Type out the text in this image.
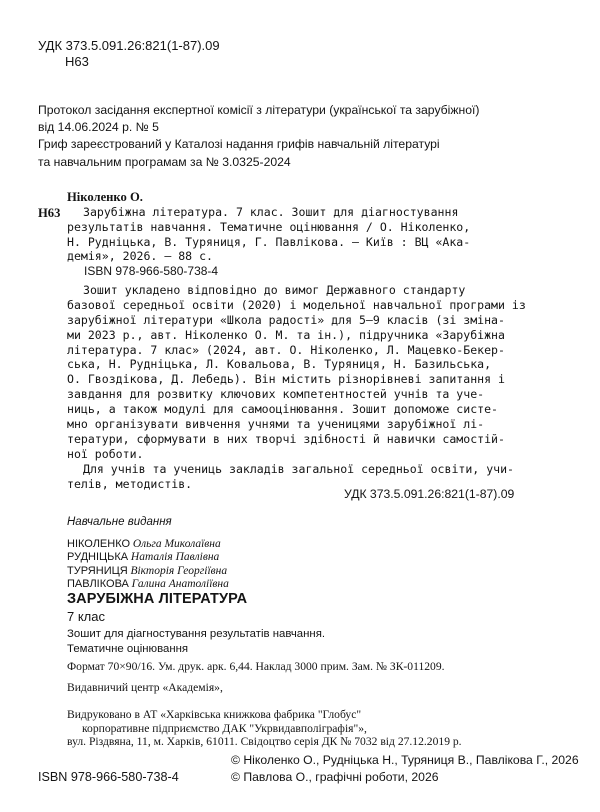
УДК 373.5.091.26:821(1-87).09
Н63
Протокол засідання експертної комісії з літератури (української та зарубіжної)
від 14.06.2024 р. № 5
Гриф зареєстрований у Каталозі надання грифів навчальній літературі
та навчальним програмам за № 3.0325-2024
Ніколенко О.
Н63 Зарубіжна література. 7 клас. Зошит для діагностування
результатів навчання. Тематичне оцінювання / О. Ніколенко,
Н. Рудніцька, В. Туряниця, Г. Павлікова. — Київ : ВЦ «Ака-
демія», 2026. — 88 с.
ISBN 978-966-580-738-4
Зошит укладено відповідно до вимог Державного стандарту
базової середньої освіти (2020) і модельної навчальної програми із
зарубіжної літератури «Школа радості» для 5—9 класів (зі зміна-
ми 2023 р., авт. Ніколенко О. М. та ін.), підручника «Зарубіжна
література. 7 клас» (2024, авт. О. Ніколенко, Л. Мацевко-Бекер-
ська, Н. Рудніцька, Л. Ковальова, В. Туряниця, Н. Базильська,
О. Гвоздікова, Д. Лебедь). Він містить різнорівневі запитання і
завдання для розвитку ключових компетентностей учнів та уче-
ниць, а також модулі для самооцінювання. Зошит допоможе систе-
мно організувати вивчення учнями та ученицями зарубіжної лі-
тератури, сформувати в них творчі здібності й навички самостій-
ної роботи.
Для учнів та учениць закладів загальної середньої освіти, учи-
телів, методистів.
УДК 373.5.091.26:821(1-87).09
Навчальне видання
НІКОЛЕНКО Ольга Миколаївна
РУДНІЦЬКА Наталія Павлівна
ТУРЯНИЦЯ Вікторія Георгіївна
ПАВЛІКОВА Галина Анатоліївна
ЗАРУБІЖНА ЛІТЕРАТУРА
7 клас
Зошит для діагностування результатів навчання.
Тематичне оцінювання
Формат 70×90/16. Ум. друк. арк. 6,44. Наклад 3000 прим. Зам. № ЗК-011209.
Видавничий центр «Академія»,
Видруковано в АТ «Харківська книжкова фабрика "Глобус"
корпоративне підприємство ДАК "Укрвидавполіграфія"»,
вул. Різдвяна, 11, м. Харків, 61011. Свідоцтво серія ДК № 7032 від 27.12.2019 р.
ISBN 978-966-580-738-4
© Ніколенко О., Рудніцька Н., Туряниця В., Павлікова Г., 2026
© Павлова О., графічні роботи, 2026
